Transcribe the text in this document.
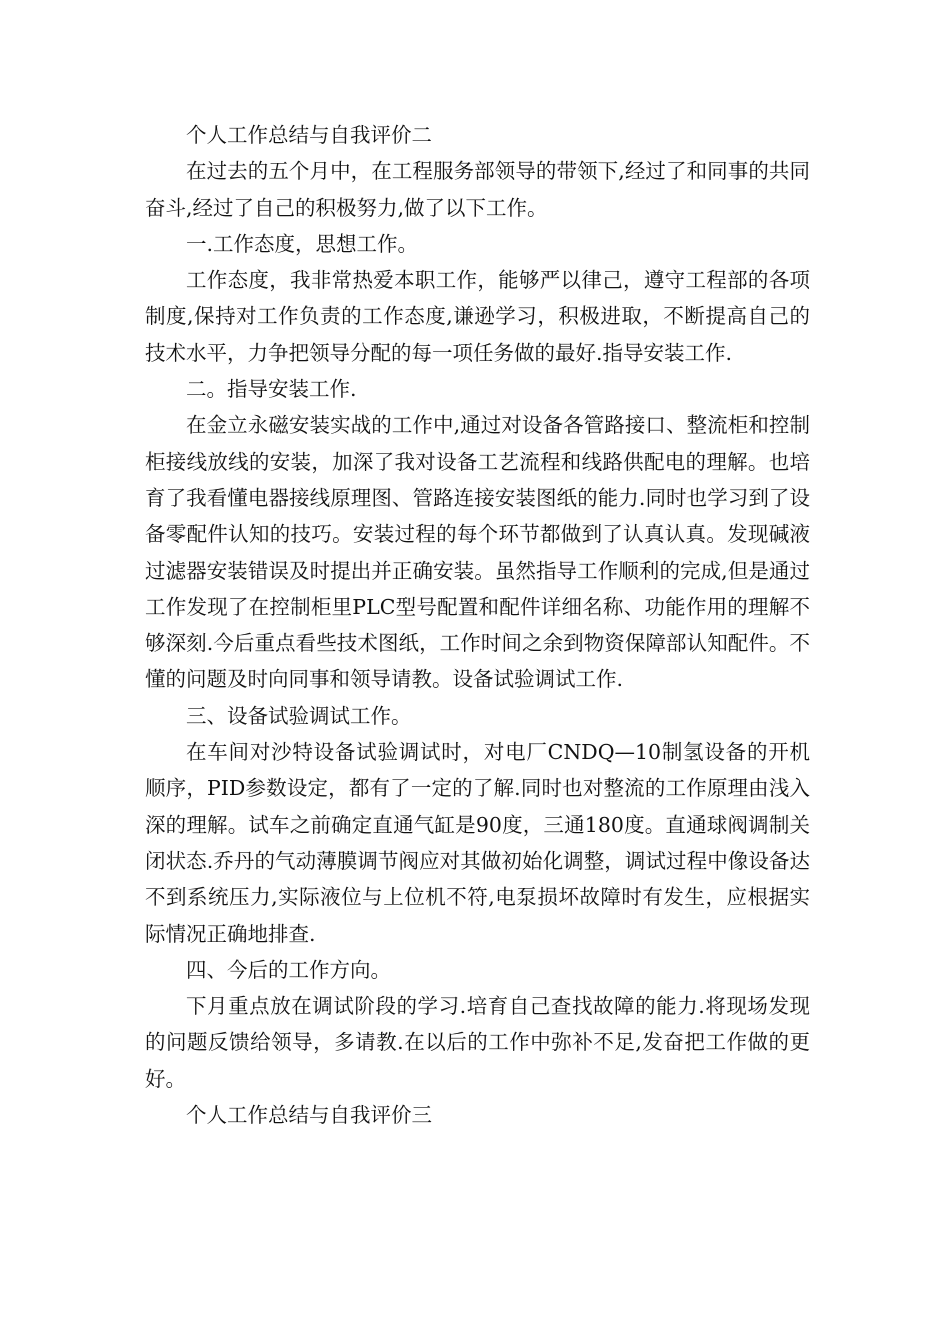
个人工作总结与自我评价二

在过去的五个月中，在工程服务部领导的带领下,经过了和同事的共同奋斗,经过了自己的积极努力,做了以下工作。

一.工作态度，思想工作。

工作态度，我非常热爱本职工作，能够严以律己，遵守工程部的各项制度,保持对工作负责的工作态度,谦逊学习，积极进取，不断提高自己的技术水平，力争把领导分配的每一项任务做的最好.指导安装工作.

二。指导安装工作.

在金立永磁安装实战的工作中,通过对设备各管路接口、整流柜和控制柜接线放线的安装，加深了我对设备工艺流程和线路供配电的理解。也培育了我看懂电器接线原理图、管路连接安装图纸的能力.同时也学习到了设备零配件认知的技巧。安装过程的每个环节都做到了认真认真。发现碱液过滤器安装错误及时提出并正确安装。虽然指导工作顺利的完成,但是通过工作发现了在控制柜里PLC型号配置和配件详细名称、功能作用的理解不够深刻.今后重点看些技术图纸，工作时间之余到物资保障部认知配件。不懂的问题及时向同事和领导请教。设备试验调试工作.

三、设备试验调试工作。

在车间对沙特设备试验调试时，对电厂CNDQ—10制氢设备的开机顺序，PID参数设定，都有了一定的了解.同时也对整流的工作原理由浅入深的理解。试车之前确定直通气缸是90度，三通180度。直通球阀调制关闭状态.乔丹的气动薄膜调节阀应对其做初始化调整，调试过程中像设备达不到系统压力,实际液位与上位机不符,电泵损坏故障时有发生，应根据实际情况正确地排查.

四、今后的工作方向。

下月重点放在调试阶段的学习.培育自己查找故障的能力.将现场发现的问题反馈给领导，多请教.在以后的工作中弥补不足,发奋把工作做的更好。

个人工作总结与自我评价三
